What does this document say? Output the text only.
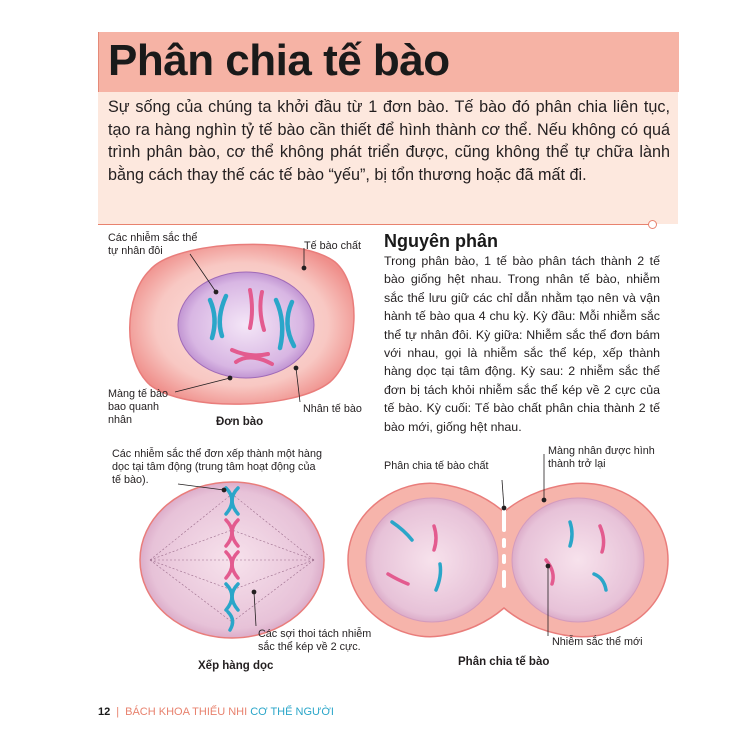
Phân chia tế bào

Sự sống của chúng ta khởi đầu từ 1 đơn bào. Tế bào đó phân chia liên tục, tạo ra hàng nghìn tỷ tế bào cần thiết để hình thành cơ thể. Nếu không có quá trình phân bào, cơ thể không phát triển được, cũng không thể tự chữa lành bằng cách thay thế các tế bào “yếu”, bị tổn thương hoặc đã mất đi.

Nguyên phân

Trong phân bào, 1 tế bào phân tách thành 2 tế bào giống hệt nhau. Trong nhân tế bào, nhiễm sắc thể lưu giữ các chỉ dẫn nhằm tạo nên và vận hành tế bào qua 4 chu kỳ. Kỳ đầu: Mỗi nhiễm sắc thể tự nhân đôi. Kỳ giữa: Nhiễm sắc thể đơn bám với nhau, gọi là nhiễm sắc thể kép, xếp thành hàng dọc tại tâm động. Kỳ sau: 2 nhiễm sắc thể đơn bị tách khỏi nhiễm sắc thể kép về 2 cực của tế bào. Kỳ cuối: Tế bào chất phân chia thành 2 tế bào mới, giống hệt nhau.

Các nhiễm sắc thể tự nhân đôi	Tế bào chất

Màng tế bào bao quanh nhân

Nhân tế bào

Đơn bào

Các nhiễm sắc thể đơn xếp thành một hàng dọc tại tâm động (trung tâm hoạt động của tế bào).

Các sợi thoi tách nhiễm sắc thể kép về 2 cực.

Xếp hàng dọc

Phân chia tế bào chất

Màng nhân được hình thành trở lại

Nhiễm sắc thể mới

Phân chia tế bào

12 | BÁCH KHOA THIẾU NHI CƠ THỂ NGƯỜI
